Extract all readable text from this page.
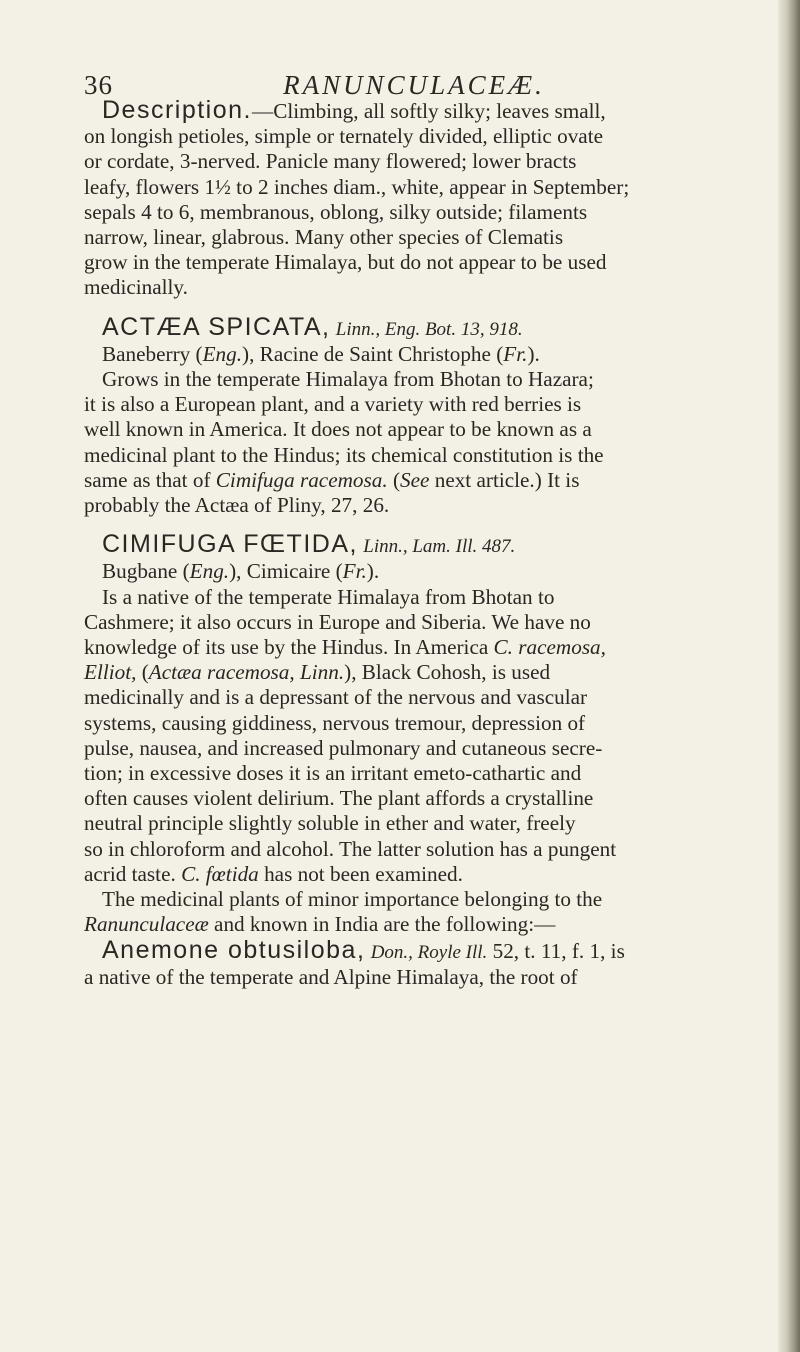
36	RANUNCULACEÆ.
Description.—Climbing, all softly silky; leaves small,
on longish petioles, simple or ternately divided, elliptic ovate
or cordate, 3-nerved. Panicle many flowered; lower bracts
leafy, flowers 1½ to 2 inches diam., white, appear in September;
sepals 4 to 6, membranous, oblong, silky outside; filaments
narrow, linear, glabrous. Many other species of Clematis
grow in the temperate Himalaya, but do not appear to be used
medicinally.
ACTÆA SPICATA, Linn., Eng. Bot. 13, 918.
Baneberry (Eng.), Racine de Saint Christophe (Fr.).
Grows in the temperate Himalaya from Bhotan to Hazara;
it is also a European plant, and a variety with red berries is
well known in America. It does not appear to be known as a
medicinal plant to the Hindus; its chemical constitution is the
same as that of Cimifuga racemosa. (See next article.) It is
probably the Actæa of Pliny, 27, 26.
CIMIFUGA FŒTIDA, Linn., Lam. Ill. 487.
Bugbane (Eng.), Cimicaire (Fr.).
Is a native of the temperate Himalaya from Bhotan to
Cashmere; it also occurs in Europe and Siberia. We have no
knowledge of its use by the Hindus. In America C. racemosa,
Elliot, (Actæa racemosa, Linn.), Black Cohosh, is used
medicinally and is a depressant of the nervous and vascular
systems, causing giddiness, nervous tremour, depression of
pulse, nausea, and increased pulmonary and cutaneous secre-
tion; in excessive doses it is an irritant emeto-cathartic and
often causes violent delirium. The plant affords a crystalline
neutral principle slightly soluble in ether and water, freely
so in chloroform and alcohol. The latter solution has a pungent
acrid taste. C. fœtida has not been examined.
The medicinal plants of minor importance belonging to the
Ranunculaceæ and known in India are the following:—
Anemone obtusiloba, Don., Royle Ill. 52, t. 11, f. 1, is
a native of the temperate and Alpine Himalaya, the root of
